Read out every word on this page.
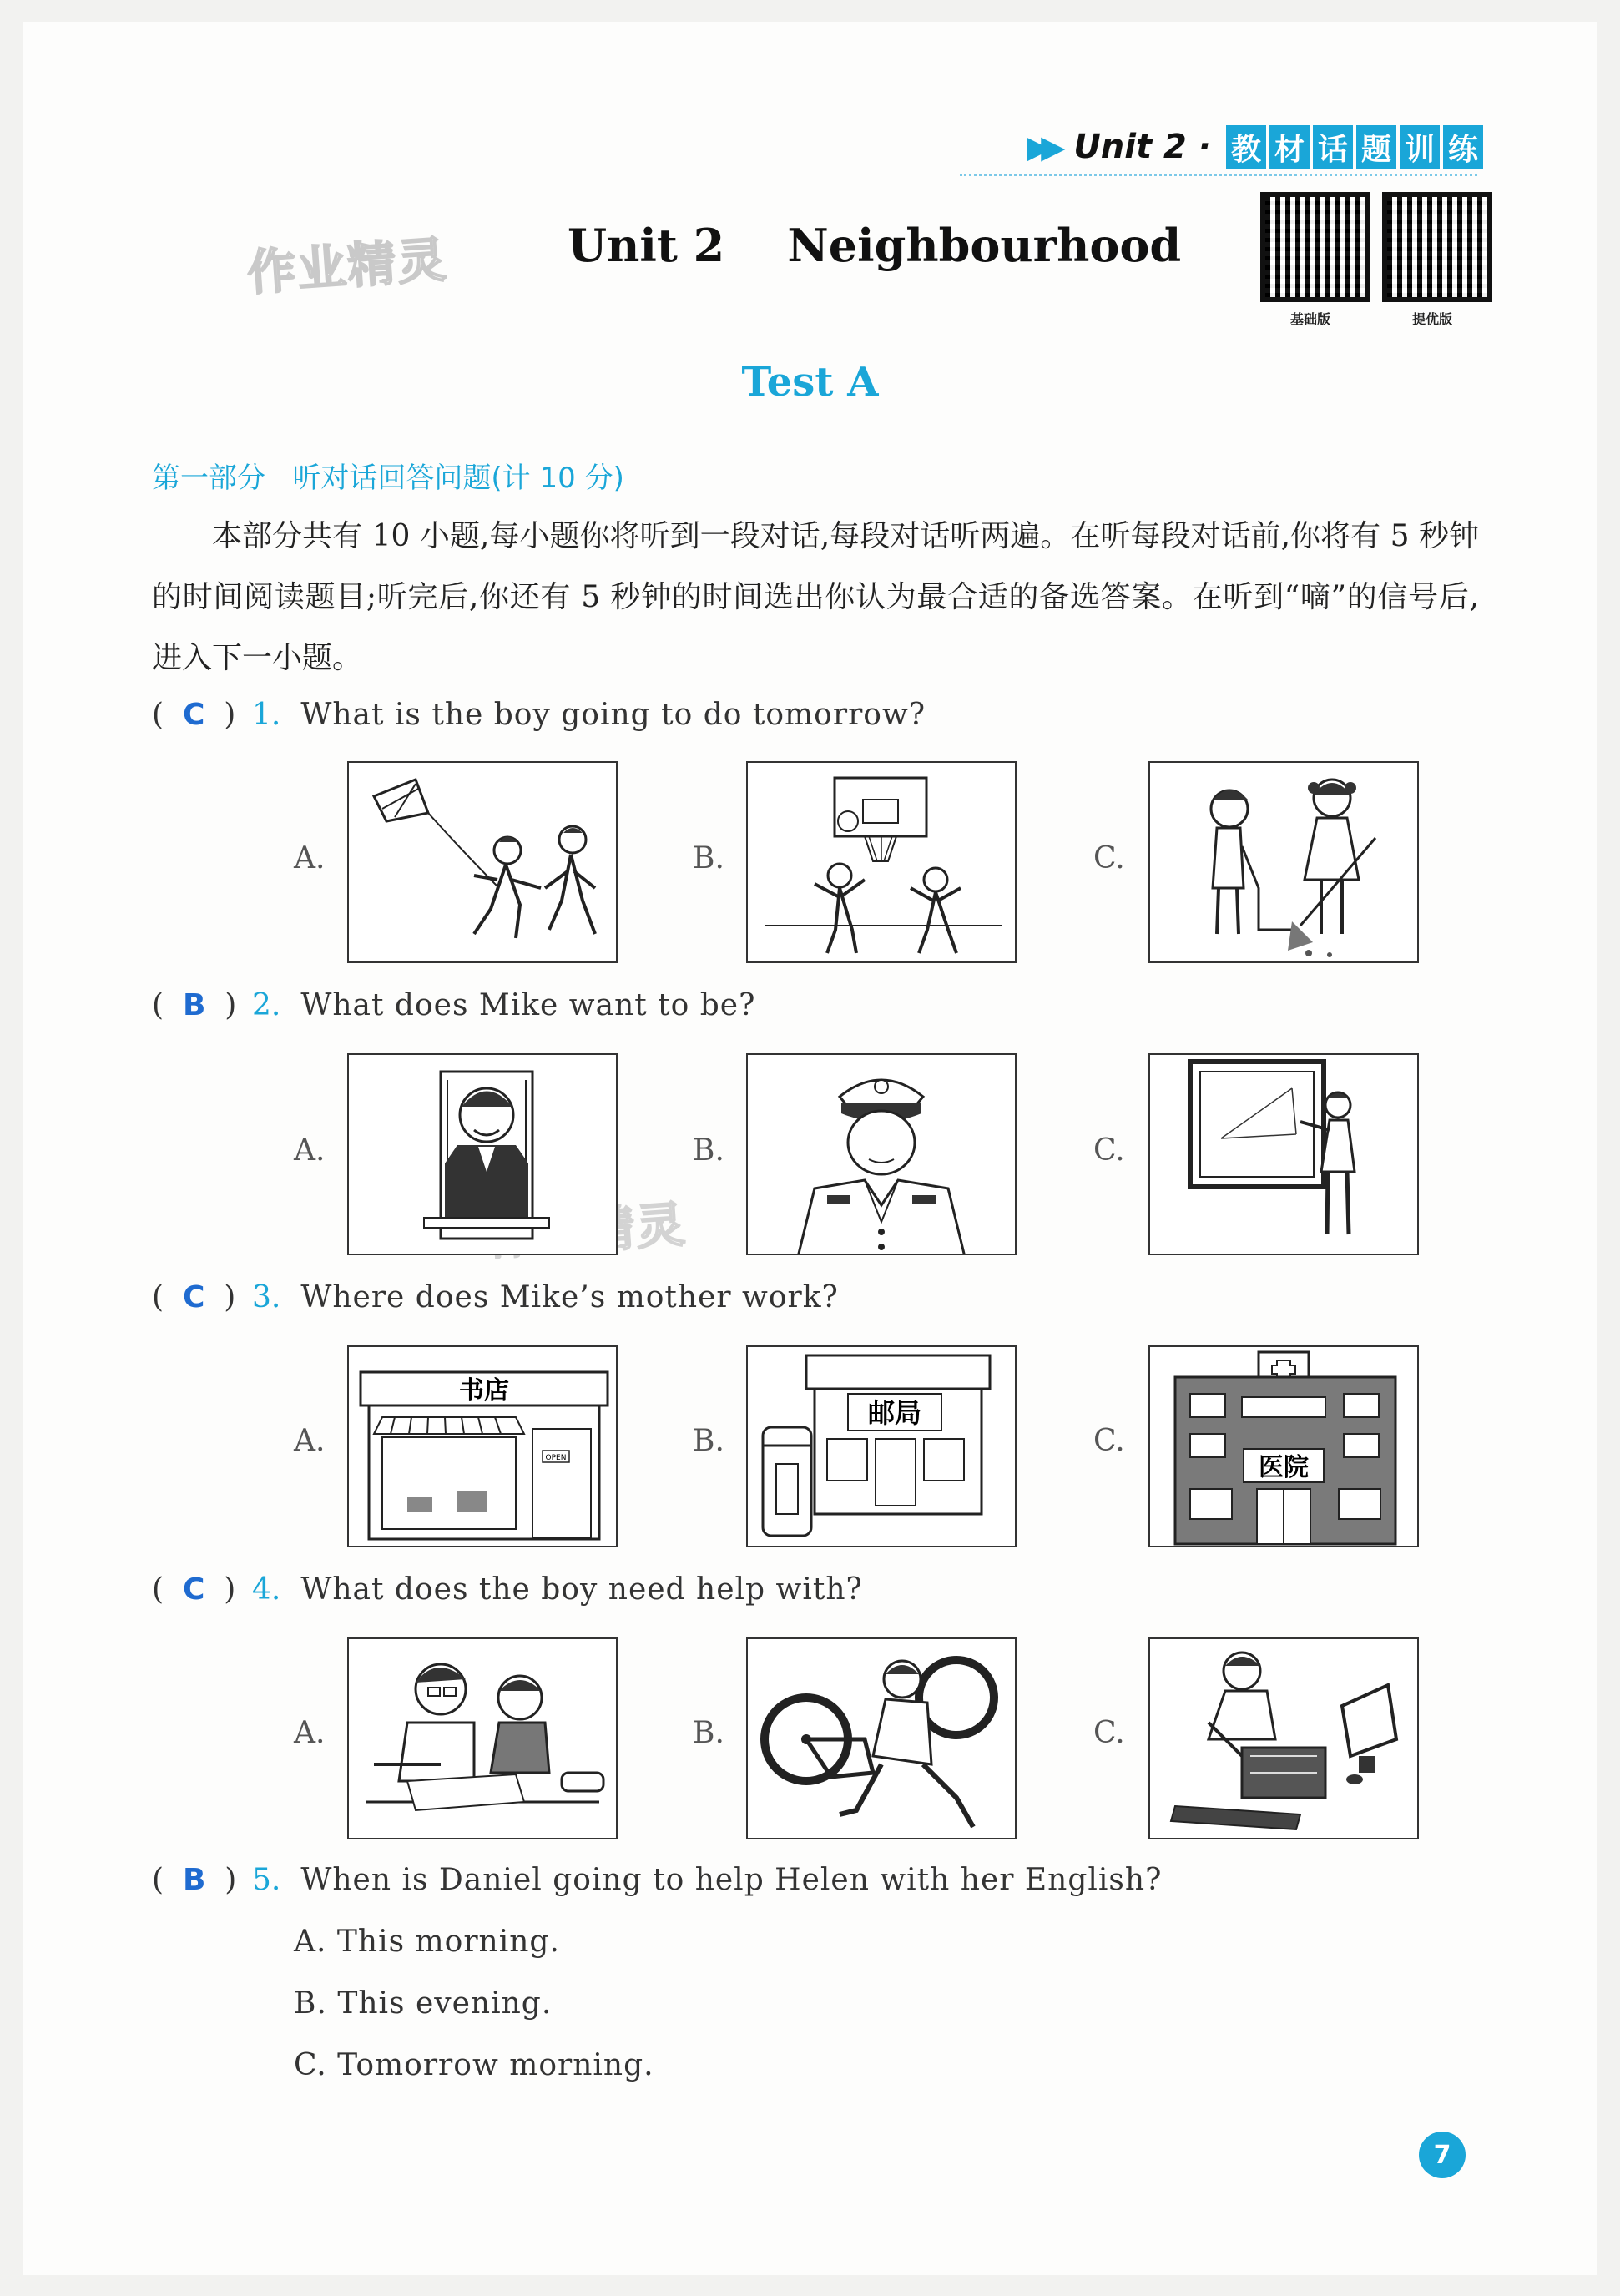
▶▶ Unit 2 · 教 材 话 题 训 练
基础版	提优版
作业精灵	Unit 2    Neighbourhood
Test A
第一部分   听对话回答问题(计 10 分)
本部分共有 10 小题,每小题你将听到一段对话,每段对话听两遍。在听每段对话前,你将有 5 秒钟的时间阅读题目;听完后,你还有 5 秒钟的时间选出你认为最合适的备选答案。在听到“嘀”的信号后,进入下一小题。
(  C  ) 1. What is the boy going to do tomorrow?
A.	B.	C.
(  B  ) 2. What does Mike want to be?
A.	B.	C.
(  C  ) 3. Where does Mike’s mother work?
A.	B.	C.
书店
OPEN
邮局
医院
(  C  ) 4. What does the boy need help with?
A.	B.	C.
(  B  ) 5. When is Daniel going to help Helen with her English?
A. This morning.
B. This evening.
C. Tomorrow morning.
7
